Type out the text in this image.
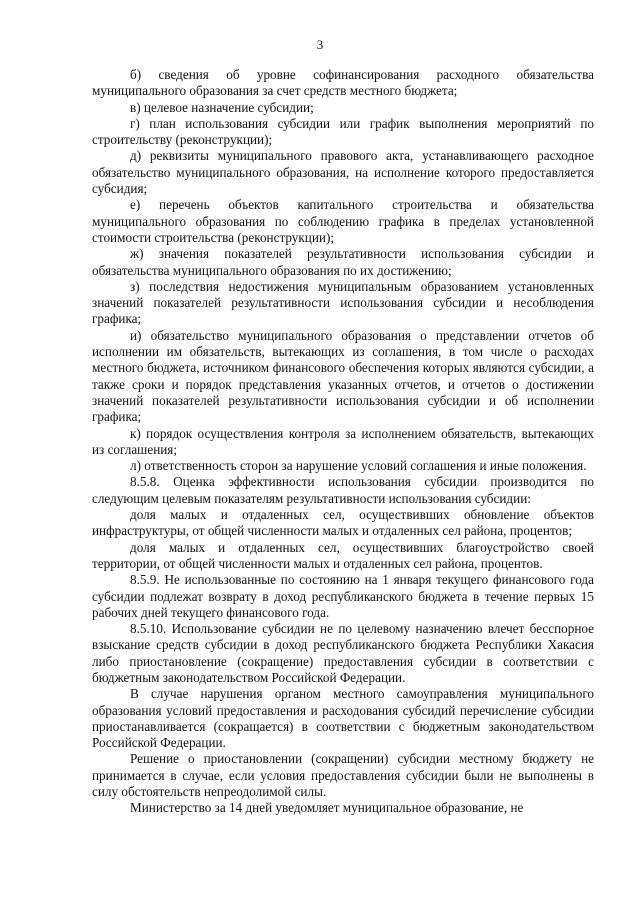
3

б) сведения об уровне софинансирования расходного обязательства муниципального образования за счет средств местного бюджета;

в) целевое назначение субсидии;

г) план использования субсидии или график выполнения мероприятий по строительству (реконструкции);

д) реквизиты муниципального правового акта, устанавливающего расходное обязательство муниципального образования, на исполнение которого предоставляется субсидия;

е) перечень объектов капитального строительства и обязательства муниципального образования по соблюдению графика в пределах установленной стоимости строительства (реконструкции);

ж) значения показателей результативности использования субсидии и обязательства муниципального образования по их достижению;

з) последствия недостижения муниципальным образованием установленных значений показателей результативности использования субсидии и несоблюдения графика;

и) обязательство муниципального образования о представлении отчетов об исполнении им обязательств, вытекающих из соглашения, в том числе о расходах местного бюджета, источником финансового обеспечения которых являются субсидии, а также сроки и порядок представления указанных отчетов, и отчетов о достижении значений показателей результативности использования субсидии и об исполнении графика;

к) порядок осуществления контроля за исполнением обязательств, вытекающих из соглашения;

л) ответственность сторон за нарушение условий соглашения и иные положения.

8.5.8. Оценка эффективности использования субсидии производится по следующим целевым показателям результативности использования субсидии:

доля малых и отдаленных сел, осуществивших обновление объектов инфраструктуры, от общей численности малых и отдаленных сел района, процентов;

доля малых и отдаленных сел, осуществивших благоустройство своей территории, от общей численности малых и отдаленных сел района, процентов.

8.5.9. Не использованные по состоянию на 1 января текущего финансового года субсидии подлежат возврату в доход республиканского бюджета в течение первых 15 рабочих дней текущего финансового года.

8.5.10. Использование субсидии не по целевому назначению влечет бесспорное взыскание средств субсидии в доход республиканского бюджета Республики Хакасия либо приостановление (сокращение) предоставления субсидии в соответствии с бюджетным законодательством Российской Федерации.

В случае нарушения органом местного самоуправления муниципального образования условий предоставления и расходования субсидий перечисление субсидии приостанавливается (сокращается) в соответствии с бюджетным законодательством Российской Федерации.

Решение о приостановлении (сокращении) субсидии местному бюджету не принимается в случае, если условия предоставления субсидии были не выполнены в силу обстоятельств непреодолимой силы.

Министерство за 14 дней уведомляет муниципальное образование, не
